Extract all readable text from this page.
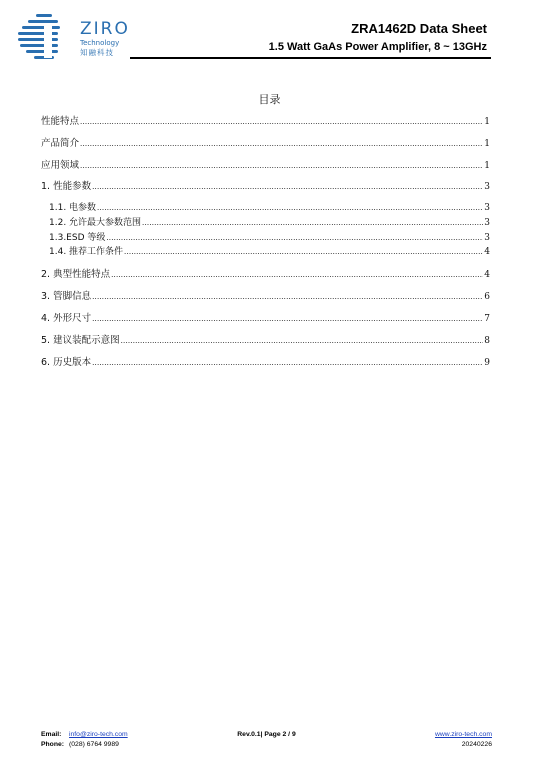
ZIRO
Technology
知融科技
ZRA1462D Data Sheet
1.5 Watt GaAs Power Amplifier, 8 ~ 13GHz
目录
性能特点 .....	1
产品简介 .....	1
应用领域 .....	1
1. 性能参数 .....	3
1.1. 电参数 .....	3
1.2. 允许最大参数范围 .....	3
1.3.ESD 等级 .....	3
1.4. 推荐工作条件 .....	4
2. 典型性能特点 .....	4
3. 管脚信息 .....	6
4. 外形尺寸 .....	7
5. 建议装配示意图 .....	8
6. 历史版本 .....	9
Email: info@ziro-tech.com
Phone: (028) 6764 9989
Rev.0.1| Page 2 / 9	www.ziro-tech.com
20240226
